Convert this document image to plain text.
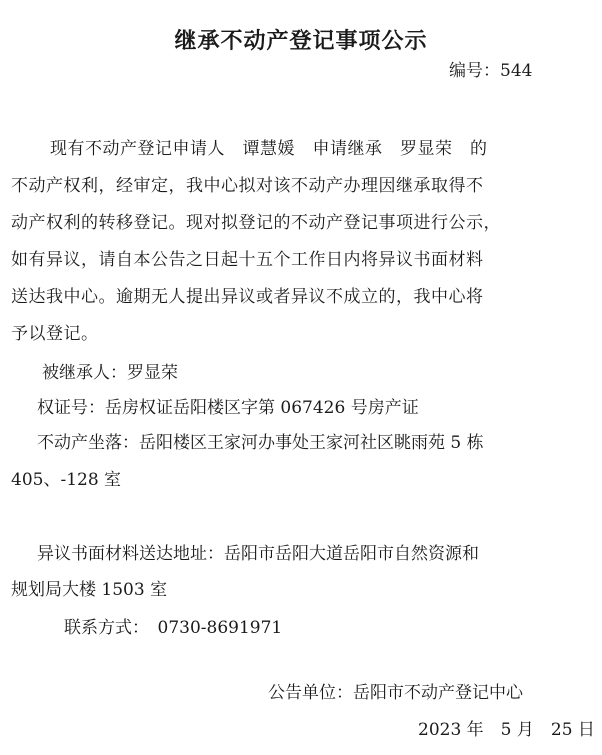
继承不动产登记事项公示
编号：544
现有不动产登记申请人　谭慧媛　申请继承　罗显荣　的
不动产权利，经审定，我中心拟对该不动产办理因继承取得不
动产权利的转移登记。现对拟登记的不动产登记事项进行公示，
如有异议，请自本公告之日起十五个工作日内将异议书面材料
送达我中心。逾期无人提出异议或者异议不成立的，我中心将
予以登记。
被继承人：罗显荣
权证号：岳房权证岳阳楼区字第 067426 号房产证
不动产坐落：岳阳楼区王家河办事处王家河社区眺雨苑 5 栋
405、-128 室
异议书面材料送达地址：岳阳市岳阳大道岳阳市自然资源和
规划局大楼 1503 室
联系方式：　0730-8691971
公告单位：岳阳市不动产登记中心
2023 年　5 月　25 日
